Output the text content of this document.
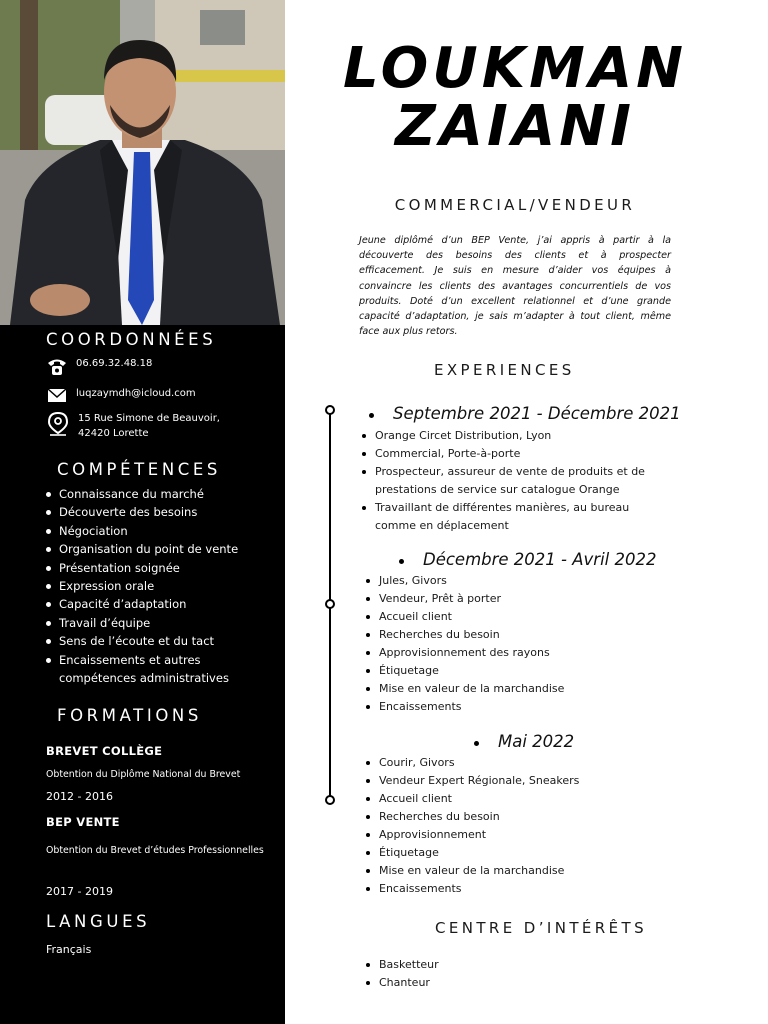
COORDONNÉES
06.69.32.48.18
luqzaymdh@icloud.com
15 Rue Simone de Beauvoir,
42420 Lorette
COMPÉTENCES
Connaissance du marché
Découverte des besoins
Négociation
Organisation du point de vente
Présentation soignée
Expression orale
Capacité d’adaptation
Travail d’équipe
Sens de l’écoute et du tact
Encaissements et autres compétences administratives
FORMATIONS
BREVET COLLÈGE
Obtention du Diplôme National du Brevet
2012 - 2016
BEP VENTE
Obtention du Brevet d’études Professionnelles
2017 - 2019
LANGUES
Français
LOUKMAN
ZAIANI
COMMERCIAL/VENDEUR

Jeune diplômé d’un BEP Vente, j’ai appris à partir à la découverte des besoins des clients et à prospecter efficacement. Je suis en mesure d’aider vos équipes à convaincre les clients des avantages concurrentiels de vos produits. Doté d’un excellent relationnel et d’une grande capacité d’adaptation, je sais m’adapter à tout client, même face aux plus retors.

EXPERIENCES
Septembre 2021 - Décembre 2021
Orange Circet Distribution, Lyon
Commercial, Porte-à-porte
Prospecteur, assureur de vente de produits et de prestations de service sur catalogue Orange
Travaillant de différentes manières, au bureau comme en déplacement
Décembre 2021 - Avril 2022
Jules, Givors
Vendeur, Prêt à porter
Accueil client
Recherches du besoin
Approvisionnement des rayons
Étiquetage
Mise en valeur de la marchandise
Encaissements
Mai 2022
Courir, Givors
Vendeur Expert Régionale, Sneakers
Accueil client
Recherches du besoin
Approvisionnement
Étiquetage
Mise en valeur de la marchandise
Encaissements
CENTRE D’INTÉRÊTS
Basketteur
Chanteur
